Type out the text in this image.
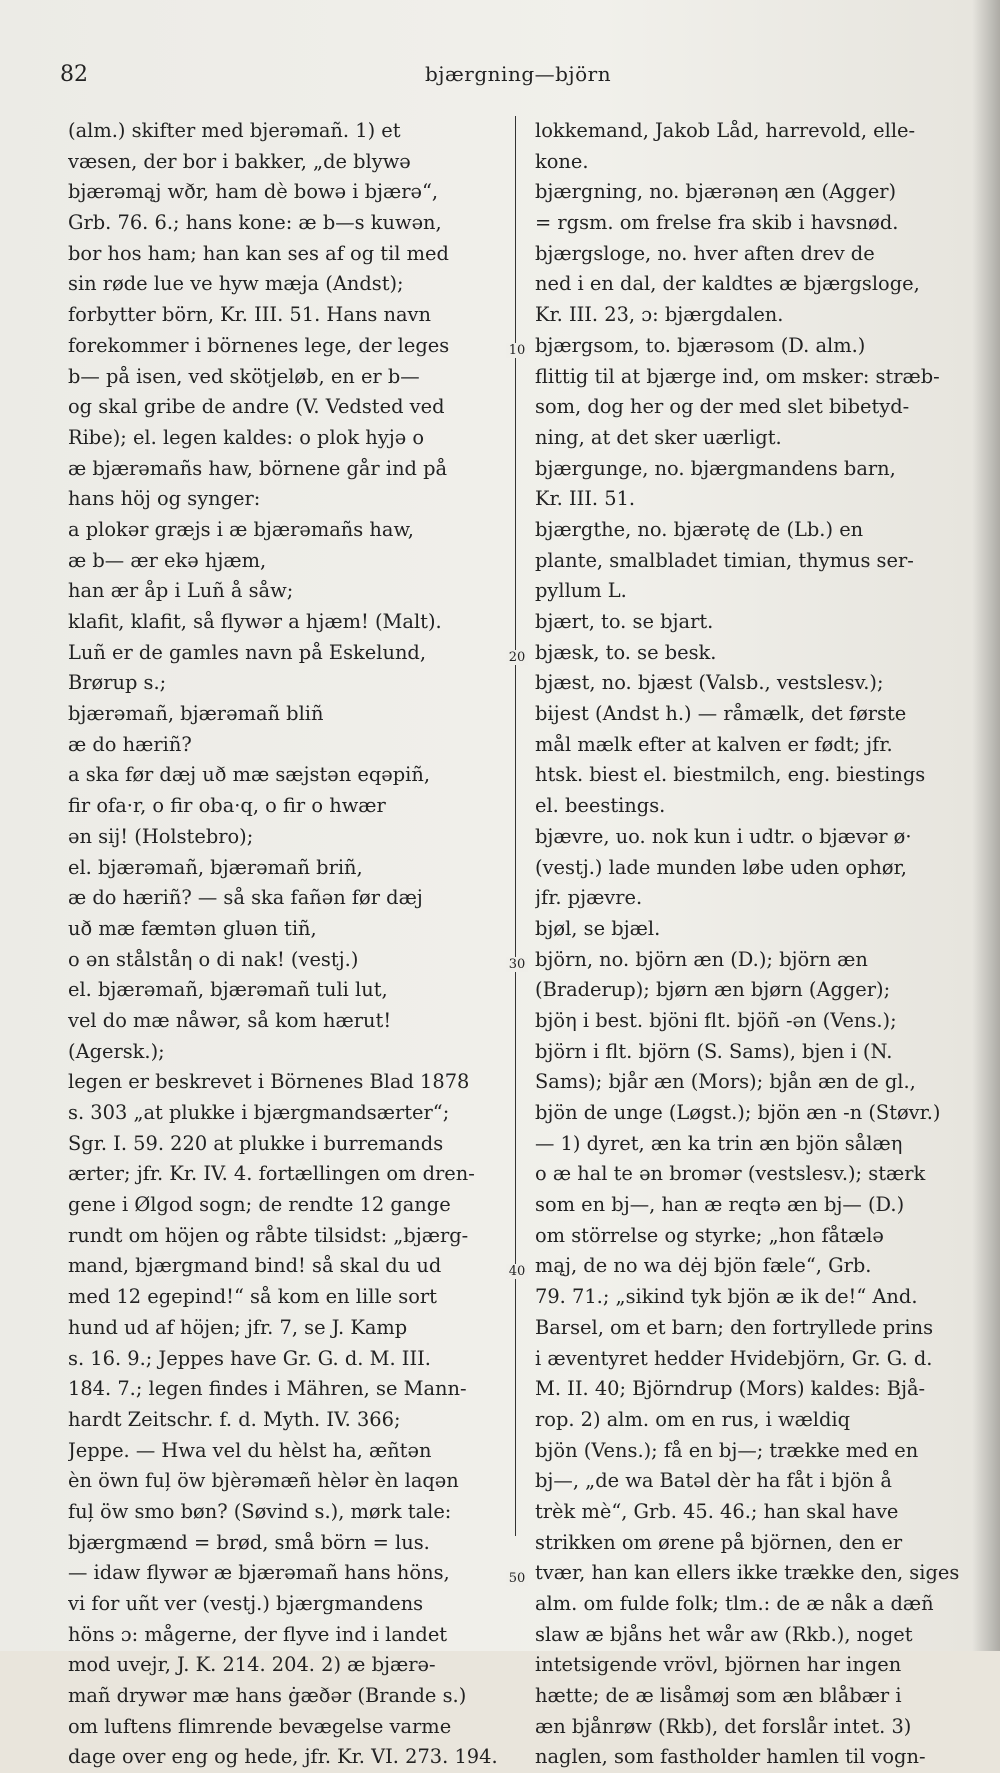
82	bjærgning—björn
(alm.) skifter med bjerəmañ. 1) et
væsen, der bor i bakker, „de blywə
bjærəmąj wðr, ham dè bowə i bjærə“,
Grb. 76. 6.; hans kone: æ b—s kuwən,
bor hos ham; han kan ses af og til med
sin røde lue ve hyw mæja (Andst);
forbytter börn, Kr. III. 51. Hans navn
forekommer i börnenes lege, der leges
b— på isen, ved skötjeløb, en er b—
og skal gribe de andre (V. Vedsted ved
Ribe); el. legen kaldes: o plok hyjə o
æ bjærəmañs haw, börnene går ind på
hans höj og synger:
a plokər græjs i æ bjærəmañs haw,
æ b— ær ekə hjæm,
han ær åp i Luñ å såw;
klafit, klafit, så flywər a hjæm! (Malt).
Luñ er de gamles navn på Eskelund,
Brørup s.;
bjærəmañ, bjærəmañ bliñ
æ do hæriñ?
a ska før dæj uð mæ sæjstən eqəpiñ,
fir ofa·r, o fir oba·q, o fir o hwær
ən sij! (Holstebro);
el. bjærəmañ, bjærəmañ briñ,
æ do hæriñ? — så ska fañən før dæj
uð mæ fæmtən gluən tiñ,
o ən stålståη o di nak! (vestj.)
el. bjærəmañ, bjærəmañ tuli lut,
vel do mæ nåwər, så kom hærut!
(Agersk.);
legen er beskrevet i Börnenes Blad 1878
s. 303 „at plukke i bjærgmandsærter“;
Sgr. I. 59. 220 at plukke i burremands
ærter; jfr. Kr. IV. 4. fortællingen om dren-
gene i Ølgod sogn; de rendte 12 gange
rundt om höjen og råbte tilsidst: „bjærg-
mand, bjærgmand bind! så skal du ud
med 12 egepind!“ så kom en lille sort
hund ud af höjen; jfr. 7, se J. Kamp
s. 16. 9.; Jeppes have Gr. G. d. M. III.
184. 7.; legen findes i Mähren, se Mann-
hardt Zeitschr. f. d. Myth. IV. 366;
Jeppe. — Hwa vel du hèlst ha, æñtən
èn öwn fuļ öw bjèrəmæñ hèlər èn laqən
fuļ öw smo bøn? (Søvind s.), mørk tale:
bjærgmænd = brød, små börn = lus.
— idaw flywər æ bjærəmañ hans höns,
vi for uñt ver (vestj.) bjærgmandens
höns ɔ: mågerne, der flyve ind i landet
mod uvejr, J. K. 214. 204. 2) æ bjærə-
mañ drywər mæ hans ġæðər (Brande s.)
om luftens flimrende bevægelse varme
dage over eng og hede, jfr. Kr. VI. 273. 194.
lokkemand, Jakob Låd, harrevold, elle-
kone.
bjærgning, no. bjærənəη æn (Agger)
= rgsm. om frelse fra skib i havsnød.
bjærgsloge, no. hver aften drev de
ned i en dal, der kaldtes æ bjærgsloge,
Kr. III. 23, ɔ: bjærgdalen.
bjærgsom, to. bjærəsom (D. alm.)
flittig til at bjærge ind, om msker: stræb-
som, dog her og der med slet bibetyd-
ning, at det sker uærligt.
bjærgunge, no. bjærgmandens barn,
Kr. III. 51.
bjærgthe, no. bjærətę de (Lb.) en
plante, smalbladet timian, thymus ser-
pyllum L.
bjært, to. se bjart.
bjæsk, to. se besk.
bjæst, no. bjæst (Valsb., vestslesv.);
bijest (Andst h.) — råmælk, det første
mål mælk efter at kalven er født; jfr.
htsk. biest el. biestmilch, eng. biestings
el. beestings.
bjævre, uo. nok kun i udtr. o bjævər ø·
(vestj.) lade munden løbe uden ophør,
jfr. pjævre.
bjøl, se bjæl.
björn, no. björn æn (D.); björn æn
(Braderup); bjørn æn bjørn (Agger);
bjöη i best. bjöni flt. bjöñ -ən (Vens.);
björn i flt. björn (S. Sams), bjen i (N.
Sams); bjår æn (Mors); bjån æn de gl.,
bjön de unge (Løgst.); bjön æn -n (Støvr.)
— 1) dyret, æn ka trin æn bjön sålæη
o æ hal te ən bromər (vestslesv.); stærk
som en bj—, han æ reqtə æn bj— (D.)
om störrelse og styrke; „hon fåtælə
mąj, de no wa dėj bjön fæle“, Grb.
79. 71.; „sikind tyk bjön æ ik de!“ And.
Barsel, om et barn; den fortryllede prins
i æventyret hedder Hvidebjörn, Gr. G. d.
M. II. 40; Björndrup (Mors) kaldes: Bjå-
rop. 2) alm. om en rus, i wældiq
bjön (Vens.); få en bj—; trække med en
bj—, „de wa Batəl dèr ha fåt i bjön å
trèk mè“, Grb. 45. 46.; han skal have
strikken om ørene på björnen, den er
tvær, han kan ellers ikke trække den, siges
alm. om fulde folk; tlm.: de æ nåk a dæñ
slaw æ bjåns het wår aw (Rkb.), noget
intetsigende vrövl, björnen har ingen
hætte; de æ lisåmøj som æn blåbær i
æn bjånrøw (Rkb), det forslår intet. 3)
naglen, som fastholder hamlen til vogn-
10
20
30
40
50
